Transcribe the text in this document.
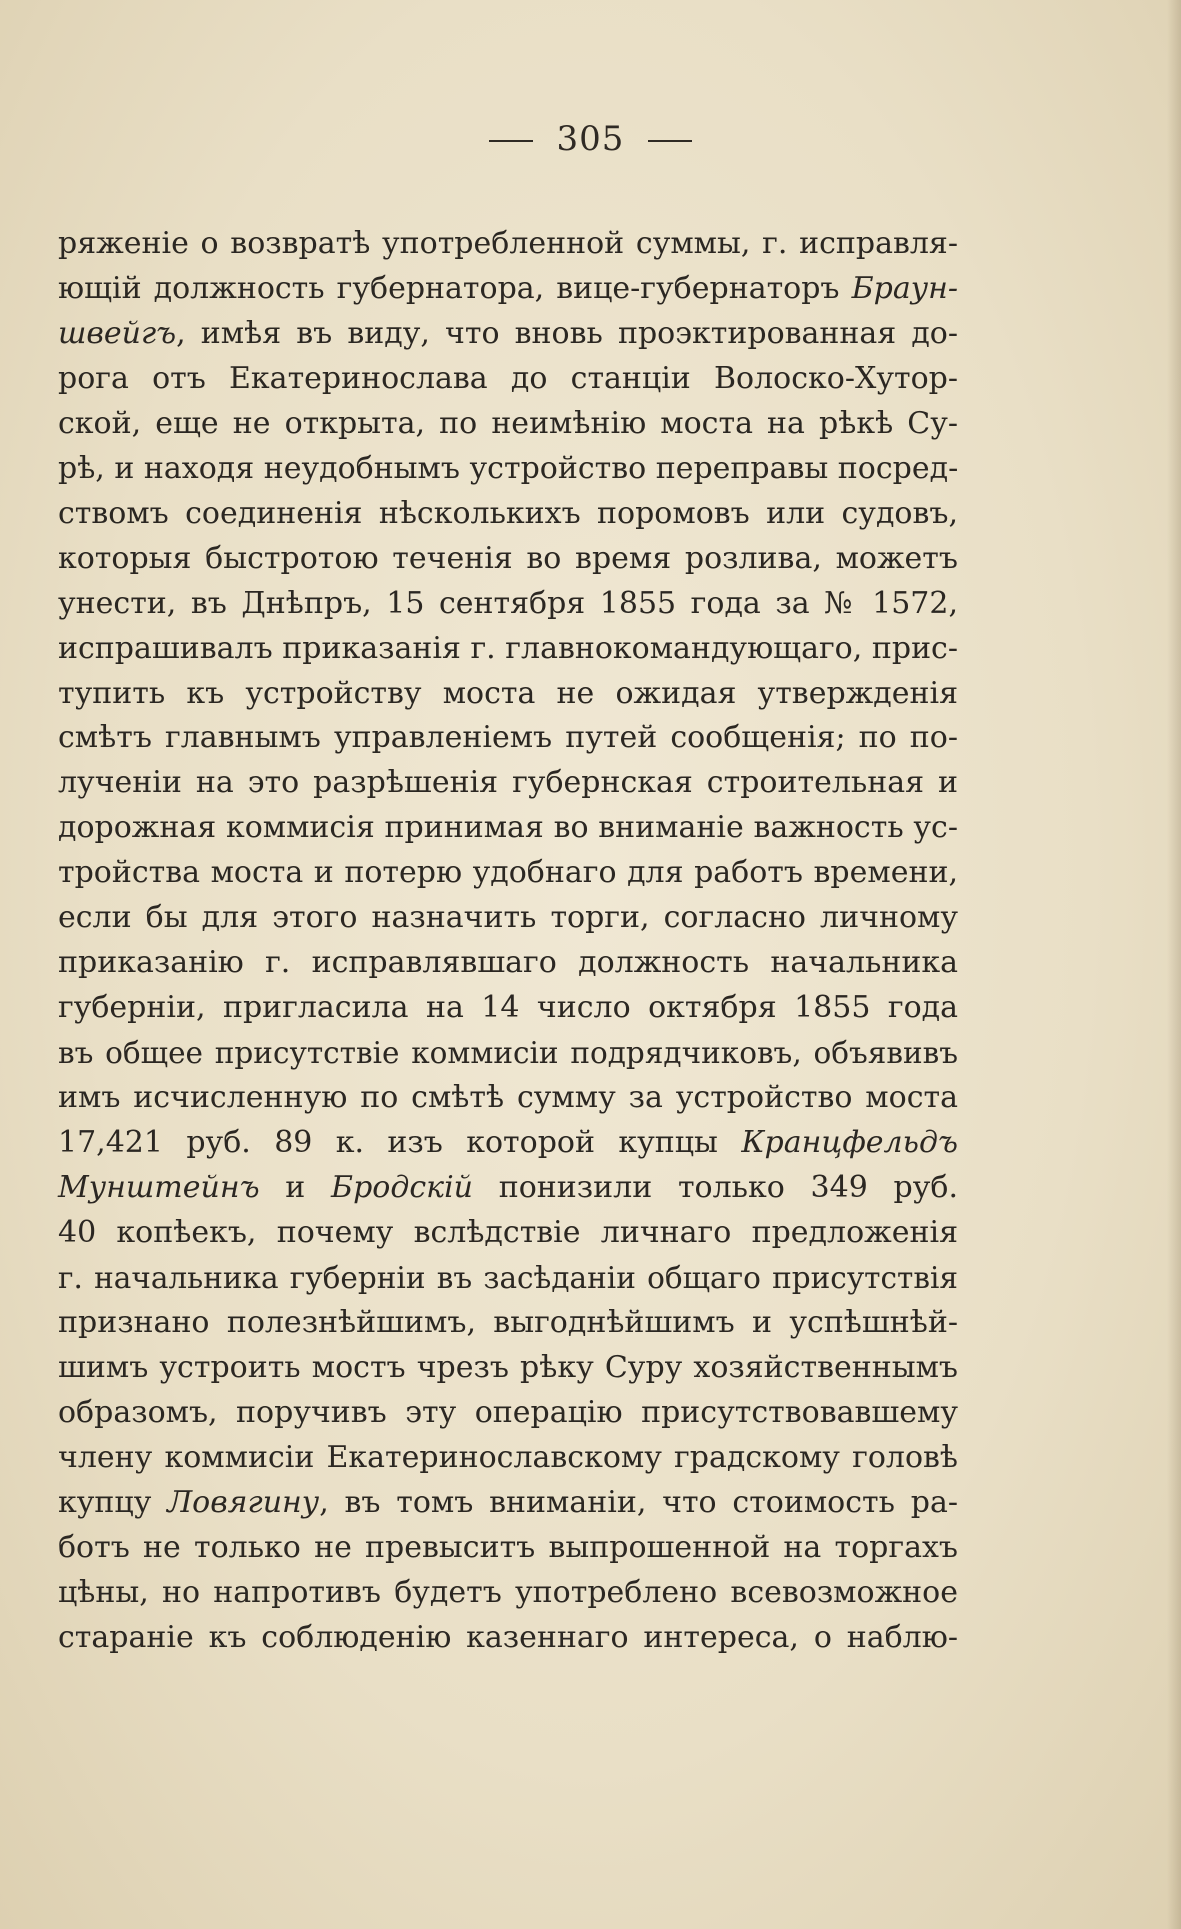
305
ряженіе о возвратѣ употребленной суммы, г. исправля-
ющій должность губернатора, вице-губернаторъ Браун-
швейгъ, имѣя въ виду, что вновь проэктированная до-
рога отъ Екатеринослава до станціи Волоско-Хутор-
ской, еще не открыта, по неимѣнію моста на рѣкѣ Су-
рѣ, и находя неудобнымъ устройство переправы посред-
ствомъ соединенія нѣсколькихъ поромовъ или судовъ,
которыя быстротою теченія во время розлива, можетъ
унести, въ Днѣпръ, 15 сентября 1855 года за № 1572,
испрашивалъ приказанія г. главнокомандующаго, прис-
тупить къ устройству моста не ожидая утвержденія
смѣтъ главнымъ управленіемъ путей сообщенія; по по-
лученіи на это разрѣшенія губернская строительная и
дорожная коммисія принимая во вниманіе важность ус-
тройства моста и потерю удобнаго для работъ времени,
если бы для этого назначить торги, согласно личному
приказанію г. исправлявшаго должность начальника
губерніи, пригласила на 14 число октября 1855 года
въ общее присутствіе коммисіи подрядчиковъ, объявивъ
имъ исчисленную по смѣтѣ сумму за устройство моста
17,421 руб. 89 к. изъ которой купцы Кранцфельдъ
Мунштейнъ и Бродскій понизили только 349 руб.
40 копѣекъ, почему вслѣдствіе личнаго предложенія
г. начальника губерніи въ засѣданіи общаго присутствія
признано полезнѣйшимъ, выгоднѣйшимъ и успѣшнѣй-
шимъ устроить мостъ чрезъ рѣку Суру хозяйственнымъ
образомъ, поручивъ эту операцію присутствовавшему
члену коммисіи Екатеринославскому градскому головѣ
купцу Ловягину, въ томъ вниманіи, что стоимость ра-
ботъ не только не превыситъ выпрошенной на торгахъ
цѣны, но напротивъ будетъ употреблено всевозможное
стараніе къ соблюденію казеннаго интереса, о наблю-
